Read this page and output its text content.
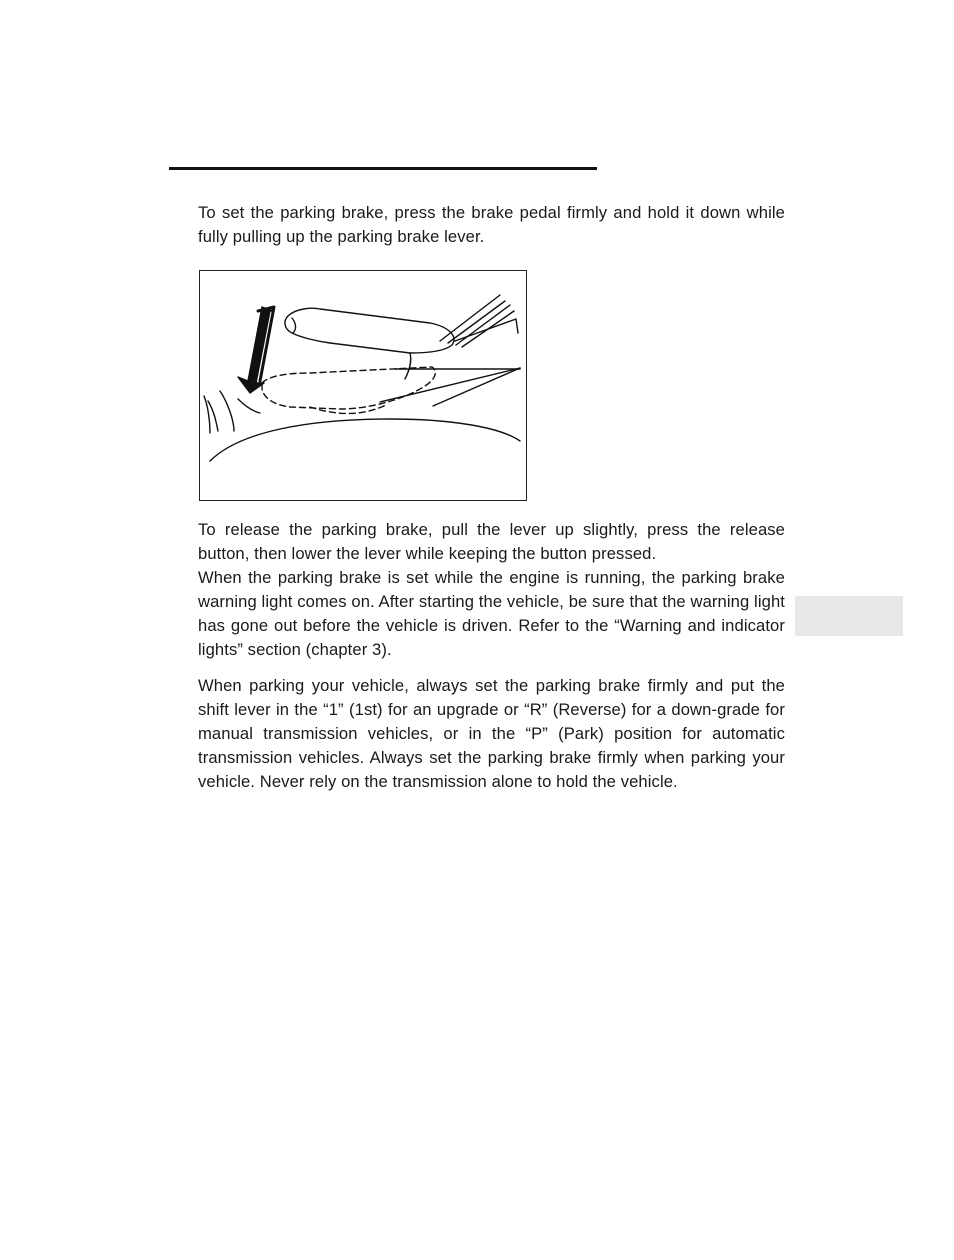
To set the parking brake, press the brake pedal firmly and hold it down while fully pulling up the parking brake lever.

To release the parking brake, pull the lever up slightly, press the release button, then lower the lever while keeping the button pressed.

When the parking brake is set while the engine is running, the parking brake warning light comes on. After starting the vehicle, be sure that the warning light has gone out before the vehicle is driven. Refer to the “Warning and indicator lights” section (chapter 3).

When parking your vehicle, always set the parking brake firmly and put the shift lever in the “1” (1st) for an upgrade or “R” (Reverse) for a down-grade for manual transmission vehicles, or in the “P” (Park) position for automatic transmission vehicles. Always set the parking brake firmly when parking your vehicle. Never rely on the transmission alone to hold the vehicle.
